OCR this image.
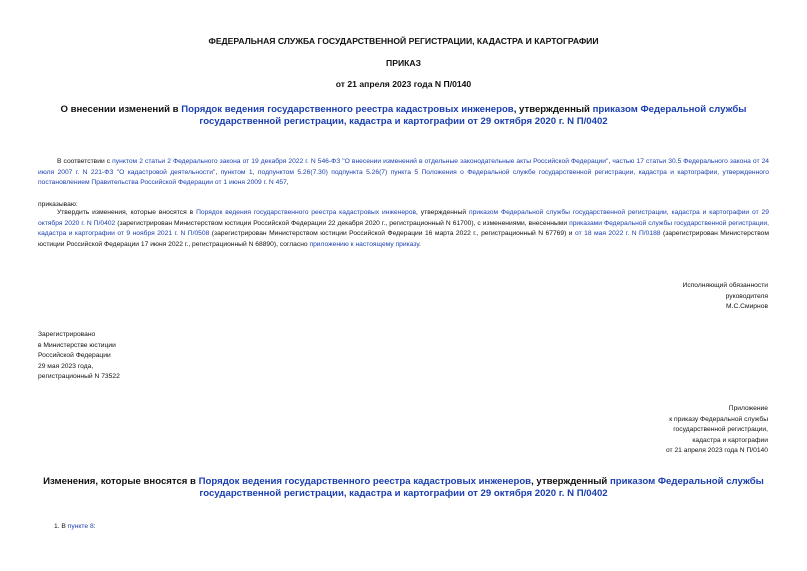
ФЕДЕРАЛЬНАЯ СЛУЖБА ГОСУДАРСТВЕННОЙ РЕГИСТРАЦИИ, КАДАСТРА И КАРТОГРАФИИ
ПРИКАЗ
от 21 апреля 2023 года N П/0140
О внесении изменений в Порядок ведения государственного реестра кадастровых инженеров, утвержденный приказом Федеральной службы государственной регистрации, кадастра и картографии от 29 октября 2020 г. N П/0402
В соответствии с пунктом 2 статьи 2 Федерального закона от 19 декабря 2022 г. N 546-ФЗ "О внесении изменений в отдельные законодательные акты Российской Федерации", частью 17 статьи 30.5 Федерального закона от 24 июля 2007 г. N 221-ФЗ "О кадастровой деятельности", пунктом 1, подпунктом 5.26(7.30) подпункта 5.26(7) пункта 5 Положения о Федеральной службе государственной регистрации, кадастра и картографии, утвержденного постановлением Правительства Российской Федерации от 1 июня 2009 г. N 457,
приказываю:
Утвердить изменения, которые вносятся в Порядок ведения государственного реестра кадастровых инженеров, утвержденный приказом Федеральной службы государственной регистрации, кадастра и картографии от 29 октября 2020 г. N П/0402 (зарегистрирован Министерством юстиции Российской Федерации 22 декабря 2020 г., регистрационный N 61700), с изменениями, внесенными приказами Федеральной службы государственной регистрации, кадастра и картографии от 9 ноября 2021 г. N П/0508 (зарегистрирован Министерством юстиции Российской Федерации 16 марта 2022 г., регистрационный N 67769) и от 18 мая 2022 г. N П/0188 (зарегистрирован Министерством юстиции Российской Федерации 17 июня 2022 г., регистрационный N 68890), согласно приложению к настоящему приказу.
Исполняющий обязанности
руководителя
М.С.Смирнов
Зарегистрировано
в Министерстве юстиции
Российской Федерации
29 мая 2023 года,
регистрационный N 73522
Приложение
к приказу Федеральной службы
государственной регистрации,
кадастра и картографии
от 21 апреля 2023 года N П/0140
Изменения, которые вносятся в Порядок ведения государственного реестра кадастровых инженеров, утвержденный приказом Федеральной службы государственной регистрации, кадастра и картографии от 29 октября 2020 г. N П/0402
1. В пункте 8:
